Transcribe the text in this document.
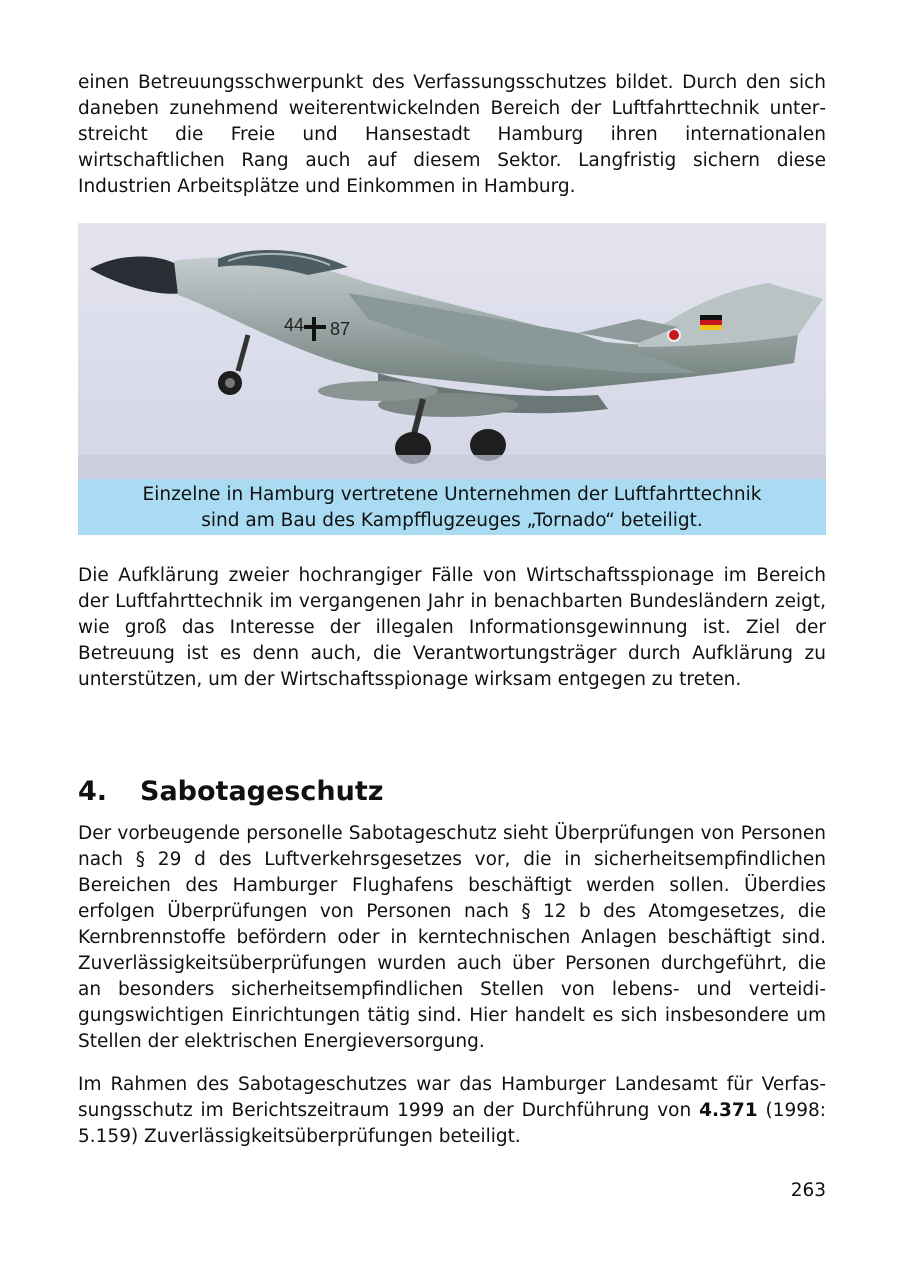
einen Betreuungsschwerpunkt des Verfassungsschutzes bildet. Durch den sich daneben zunehmend weiterentwickelnden Bereich der Luftfahrttechnik unterstreicht die Freie und Hansestadt Hamburg ihren internationalen wirtschaftlichen Rang auch auf diesem Sektor. Langfristig sichern diese Industrien Arbeitsplätze und Einkommen in Hamburg.

44 87
Einzelne in Hamburg vertretene Unternehmen der Luftfahrttechnik
sind am Bau des Kampfflugzeuges „Tornado“ beteiligt.

Die Aufklärung zweier hochrangiger Fälle von Wirtschaftsspionage im Bereich der Luftfahrttechnik im vergangenen Jahr in benachbarten Bundesländern zeigt, wie groß das Interesse der illegalen Informationsgewinnung ist. Ziel der Betreuung ist es denn auch, die Verantwortungsträger durch Aufklärung zu unterstützen, um der Wirtschaftsspionage wirksam entgegen zu treten.

4. Sabotageschutz

Der vorbeugende personelle Sabotageschutz sieht Überprüfungen von Personen nach § 29 d des Luftverkehrsgesetzes vor, die in sicherheitsempfindlichen Bereichen des Hamburger Flughafens beschäftigt werden sollen. Überdies erfolgen Überprüfungen von Personen nach § 12 b des Atomgesetzes, die Kernbrennstoffe befördern oder in kerntechnischen Anlagen beschäftigt sind. Zuverlässigkeitsüberprüfungen wurden auch über Personen durchgeführt, die an besonders sicherheitsempfindlichen Stellen von lebens- und verteidigungswichtigen Einrichtungen tätig sind. Hier handelt es sich insbesondere um Stellen der elektrischen Energieversorgung.

Im Rahmen des Sabotageschutzes war das Hamburger Landesamt für Verfassungsschutz im Berichtszeitraum 1999 an der Durchführung von 4.371 (1998: 5.159) Zuverlässigkeitsüberprüfungen beteiligt.

263
